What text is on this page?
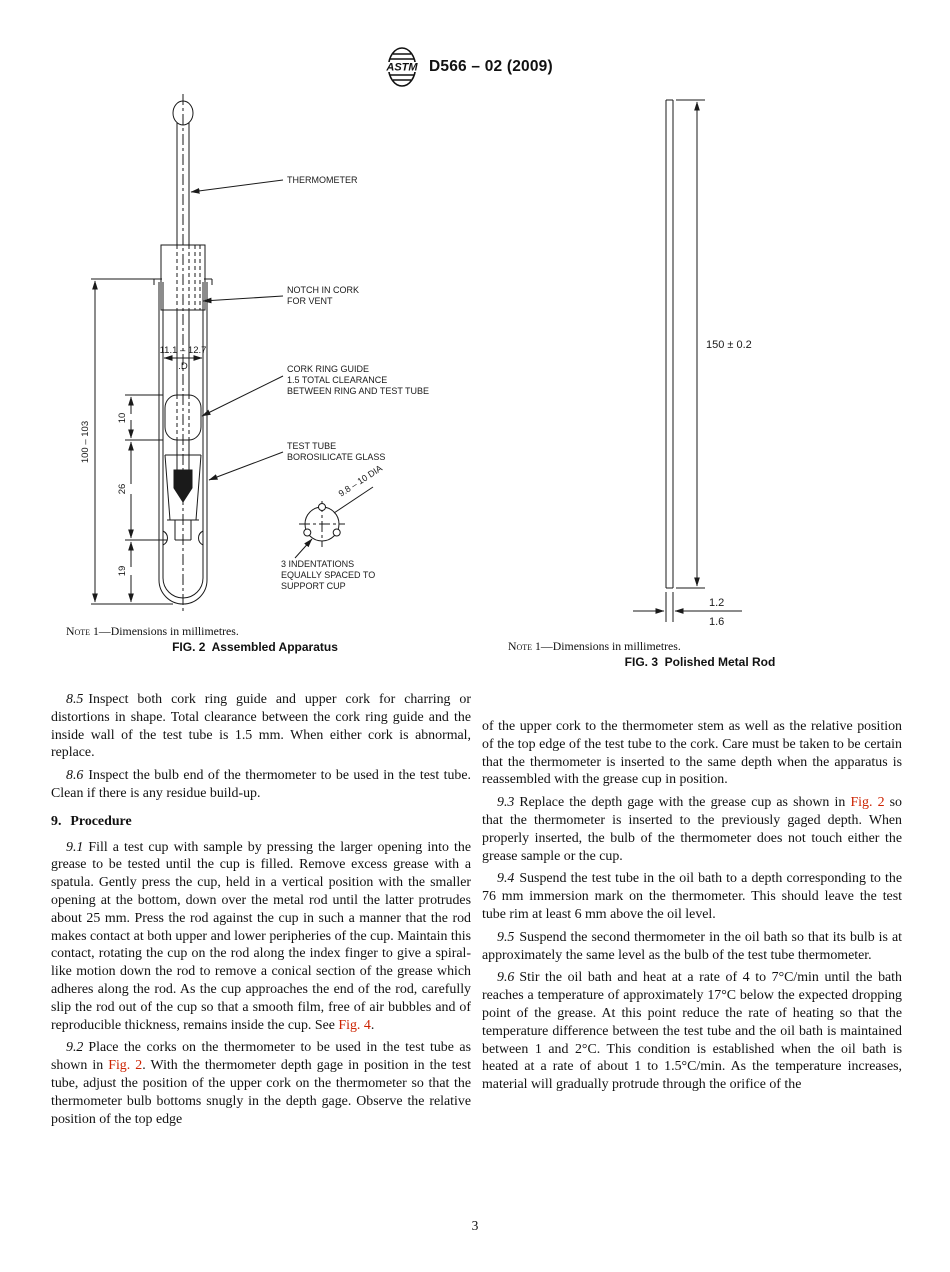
ASTM D566 – 02 (2009)
100 – 103
10
26
19
11.1 – 12.7
I.D.
THERMOMETER
NOTCH IN CORK
FOR VENT
CORK RING GUIDE
1.5 TOTAL CLEARANCE
BETWEEN RING AND TEST TUBE
TEST TUBE
BOROSILICATE GLASS
3 INDENTATIONS
EQUALLY SPACED TO
SUPPORT CUP
9.8 – 10 DIA
Note 1—Dimensions in millimetres.
FIG. 2  Assembled Apparatus
150 ± 0.2
1.2
1.6
Note 1—Dimensions in millimetres.
FIG. 3  Polished Metal Rod

8.5 Inspect both cork ring guide and upper cork for charring or distortions in shape. Total clearance between the cork ring guide and the inside wall of the test tube is 1.5 mm. When either cork is abnormal, replace.

8.6 Inspect the bulb end of the thermometer to be used in the test tube. Clean if there is any residue build-up.

9. Procedure

9.1 Fill a test cup with sample by pressing the larger opening into the grease to be tested until the cup is filled. Remove excess grease with a spatula. Gently press the cup, held in a vertical position with the smaller opening at the bottom, down over the metal rod until the latter protrudes about 25 mm. Press the rod against the cup in such a manner that the rod makes contact at both upper and lower peripheries of the cup. Maintain this contact, rotating the cup on the rod along the index finger to give a spiral-like motion down the rod to remove a conical section of the grease which adheres along the rod. As the cup approaches the end of the rod, carefully slip the rod out of the cup so that a smooth film, free of air bubbles and of reproducible thickness, remains inside the cup. See Fig. 4.

9.2 Place the corks on the thermometer to be used in the test tube as shown in Fig. 2. With the thermometer depth gage in position in the test tube, adjust the position of the upper cork on the thermometer so that the thermometer bulb bottoms snugly in the depth gage. Observe the relative position of the top edge

of the upper cork to the thermometer stem as well as the relative position of the top edge of the test tube to the cork. Care must be taken to be certain that the thermometer is inserted to the same depth when the apparatus is reassembled with the grease cup in position.

9.3 Replace the depth gage with the grease cup as shown in Fig. 2 so that the thermometer is inserted to the previously gaged depth. When properly inserted, the bulb of the thermometer does not touch either the grease sample or the cup.

9.4 Suspend the test tube in the oil bath to a depth corresponding to the 76 mm immersion mark on the thermometer. This should leave the test tube rim at least 6 mm above the oil level.

9.5 Suspend the second thermometer in the oil bath so that its bulb is at approximately the same level as the bulb of the test tube thermometer.

9.6 Stir the oil bath and heat at a rate of 4 to 7°C/min until the bath reaches a temperature of approximately 17°C below the expected dropping point of the grease. At this point reduce the rate of heating so that the temperature difference between the test tube and the oil bath is maintained between 1 and 2°C. This condition is established when the oil bath is heated at a rate of about 1 to 1.5°C/min. As the temperature increases, material will gradually protrude through the orifice of the

3
